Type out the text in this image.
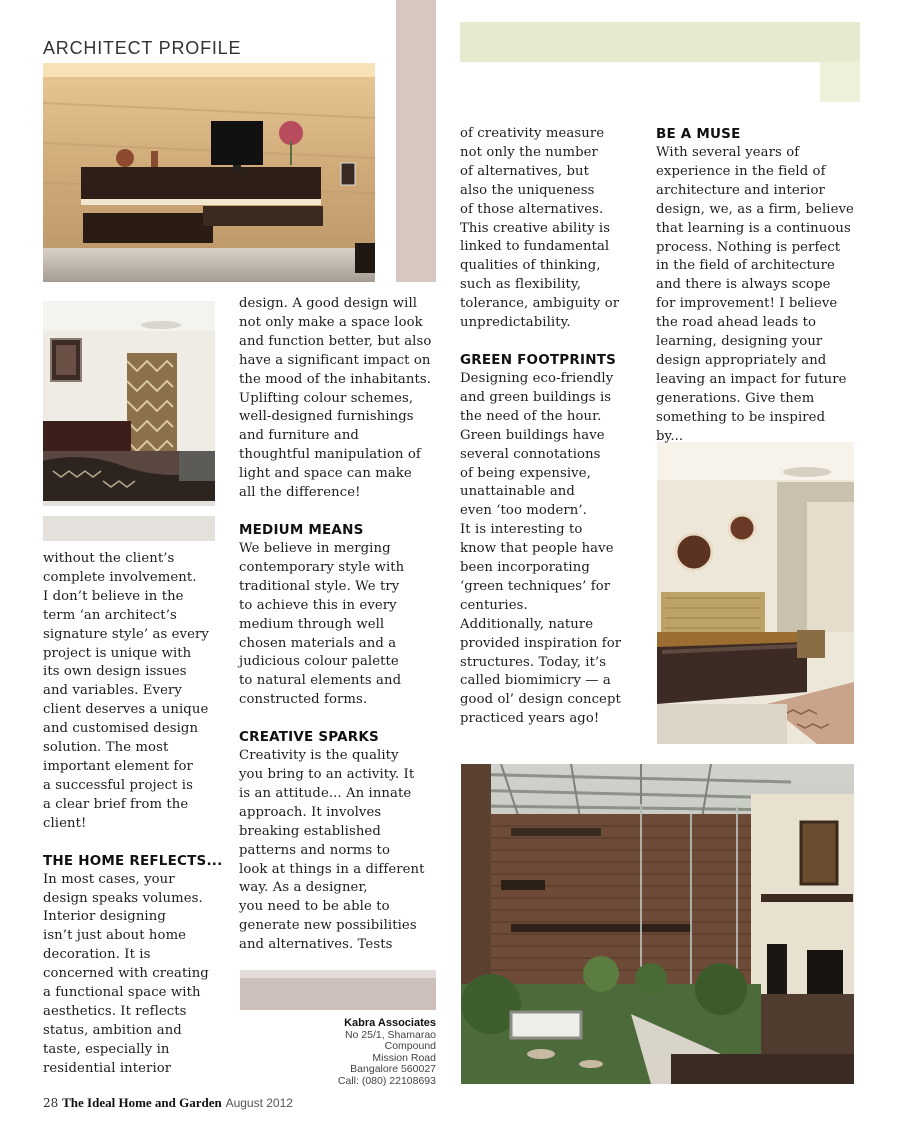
ARCHITECT PROFILE

without the client’s
complete involvement.
I don’t believe in the
term ‘an architect’s
signature style’ as every
project is unique with
its own design issues
and variables. Every
client deserves a unique
and customised design
solution. The most
important element for
a successful project is
a clear brief from the
client!

THE HOME REFLECTS...

In most cases, your
design speaks volumes.
Interior designing
isn’t just about home
decoration. It is
concerned with creating
a functional space with
aesthetics. It reflects
status, ambition and
taste, especially in
residential interior

design. A good design will
not only make a space look
and function better, but also
have a significant impact on
the mood of the inhabitants.
Uplifting colour schemes,
well-designed furnishings
and furniture and
thoughtful manipulation of
light and space can make
all the difference!

MEDIUM MEANS

We believe in merging
contemporary style with
traditional style. We try
to achieve this in every
medium through well
chosen materials and a
judicious colour palette
to natural elements and
constructed forms.

CREATIVE SPARKS

Creativity is the quality
you bring to an activity. It
is an attitude... An innate
approach. It involves
breaking established
patterns and norms to
look at things in a different
way. As a designer,
you need to be able to
generate new possibilities
and alternatives. Tests

of creativity measure
not only the number
of alternatives, but
also the uniqueness
of those alternatives.
This creative ability is
linked to fundamental
qualities of thinking,
such as flexibility,
tolerance, ambiguity or
unpredictability.

GREEN FOOTPRINTS

Designing eco-friendly
and green buildings is
the need of the hour.
Green buildings have
several connotations
of being expensive,
unattainable and
even ‘too modern’.
It is interesting to
know that people have
been incorporating
‘green techniques’ for
centuries.
Additionally, nature
provided inspiration for
structures. Today, it’s
called biomimicry — a
good ol’ design concept
practiced years ago!

BE A MUSE

With several years of
experience in the field of
architecture and interior
design, we, as a firm, believe
that learning is a continuous
process. Nothing is perfect
in the field of architecture
and there is always scope
for improvement! I believe
the road ahead leads to
learning, designing your
design appropriately and
leaving an impact for future
generations. Give them
something to be inspired by...

Kabra Associates
No 25/1, Shamarao
Compound
Mission Road
Bangalore 560027
Call: (080) 22108693
28 The Ideal Home and Garden August 2012
